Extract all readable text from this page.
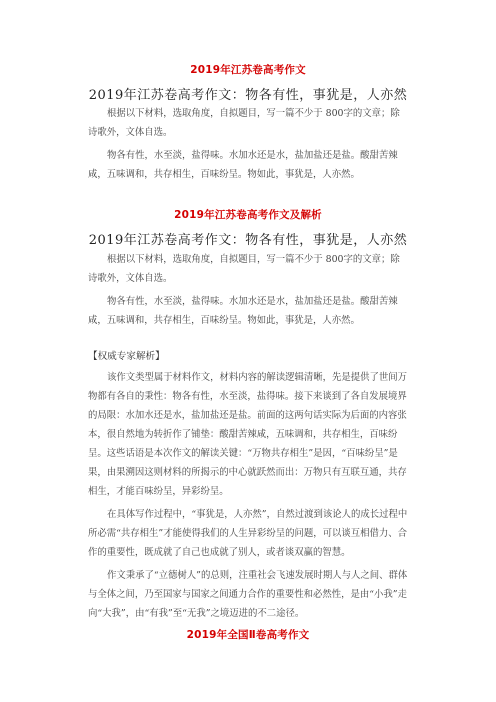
2019年江苏卷高考作文
2019年江苏卷高考作文：物各有性，事犹是，人亦然

根据以下材料，选取角度，自拟题目，写一篇不少于 800字的文章；除诗歌外，文体自选。

物各有性，水至淡，盐得味。水加水还是水，盐加盐还是盐。酸甜苦辣咸，五味调和，共存相生，百味纷呈。物如此，事犹是，人亦然。

2019年江苏卷高考作文及解析
2019年江苏卷高考作文：物各有性，事犹是，人亦然

根据以下材料，选取角度，自拟题目，写一篇不少于 800字的文章；除诗歌外，文体自选。

物各有性，水至淡，盐得味。水加水还是水，盐加盐还是盐。酸甜苦辣咸，五味调和，共存相生，百味纷呈。物如此，事犹是，人亦然。

【权威专家解析】

该作文类型属于材料作文，材料内容的解读逻辑清晰，先是提供了世间万物都有各自的秉性：物各有性，水至淡，盐得味。接下来谈到了各自发展境界的局限：水加水还是水，盐加盐还是盐。前面的这两句话实际为后面的内容张本，很自然地为转折作了铺垫：酸甜苦辣咸，五味调和，共存相生，百味纷呈。这些话语是本次作文的解读关键：“万物共存相生”是因，“百味纷呈”是果，由果溯因这则材料的所揭示的中心就跃然而出：万物只有互联互通，共存相生，才能百味纷呈，异彩纷呈。

在具体写作过程中，“事犹是，人亦然”，自然过渡到该论人的成长过程中所必需“共存相生”才能使得我们的人生异彩纷呈的问题，可以谈互相借力、合作的重要性，既成就了自己也成就了别人，或者谈双赢的智慧。

作文秉承了“立德树人”的总则，注重社会飞速发展时期人与人之间、群体与全体之间，乃至国家与国家之间通力合作的重要性和必然性，是由“小我”走向“大我”，由“有我”至“无我”之境迈进的不二途径。

2019年全国Ⅱ卷高考作文
